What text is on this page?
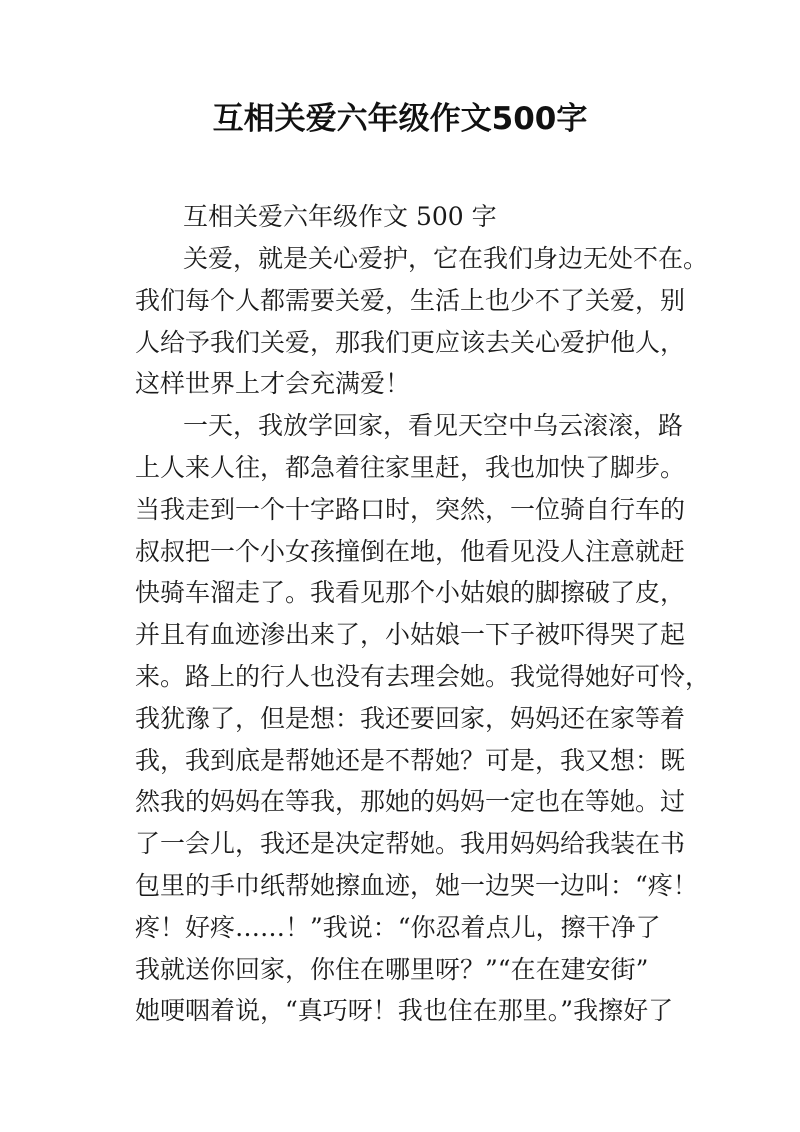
互相关爱六年级作文500字

互相关爱六年级作文 500 字

关爱，就是关心爱护，它在我们身边无处不在。

我们每个人都需要关爱，生活上也少不了关爱，别

人给予我们关爱，那我们更应该去关心爱护他人，

这样世界上才会充满爱！

一天，我放学回家，看见天空中乌云滚滚，路

上人来人往，都急着往家里赶，我也加快了脚步。

当我走到一个十字路口时，突然，一位骑自行车的

叔叔把一个小女孩撞倒在地，他看见没人注意就赶

快骑车溜走了。我看见那个小姑娘的脚擦破了皮，

并且有血迹渗出来了，小姑娘一下子被吓得哭了起

来。路上的行人也没有去理会她。我觉得她好可怜，

我犹豫了，但是想：我还要回家，妈妈还在家等着

我，我到底是帮她还是不帮她？可是，我又想：既

然我的妈妈在等我，那她的妈妈一定也在等她。过

了一会儿，我还是决定帮她。我用妈妈给我装在书

包里的手巾纸帮她擦血迹，她一边哭一边叫：“疼！

疼！好疼……！”我说：“你忍着点儿，擦干净了

我就送你回家，你住在哪里呀？”“在在建安街”

她哽咽着说，“真巧呀！我也住在那里。”我擦好了
